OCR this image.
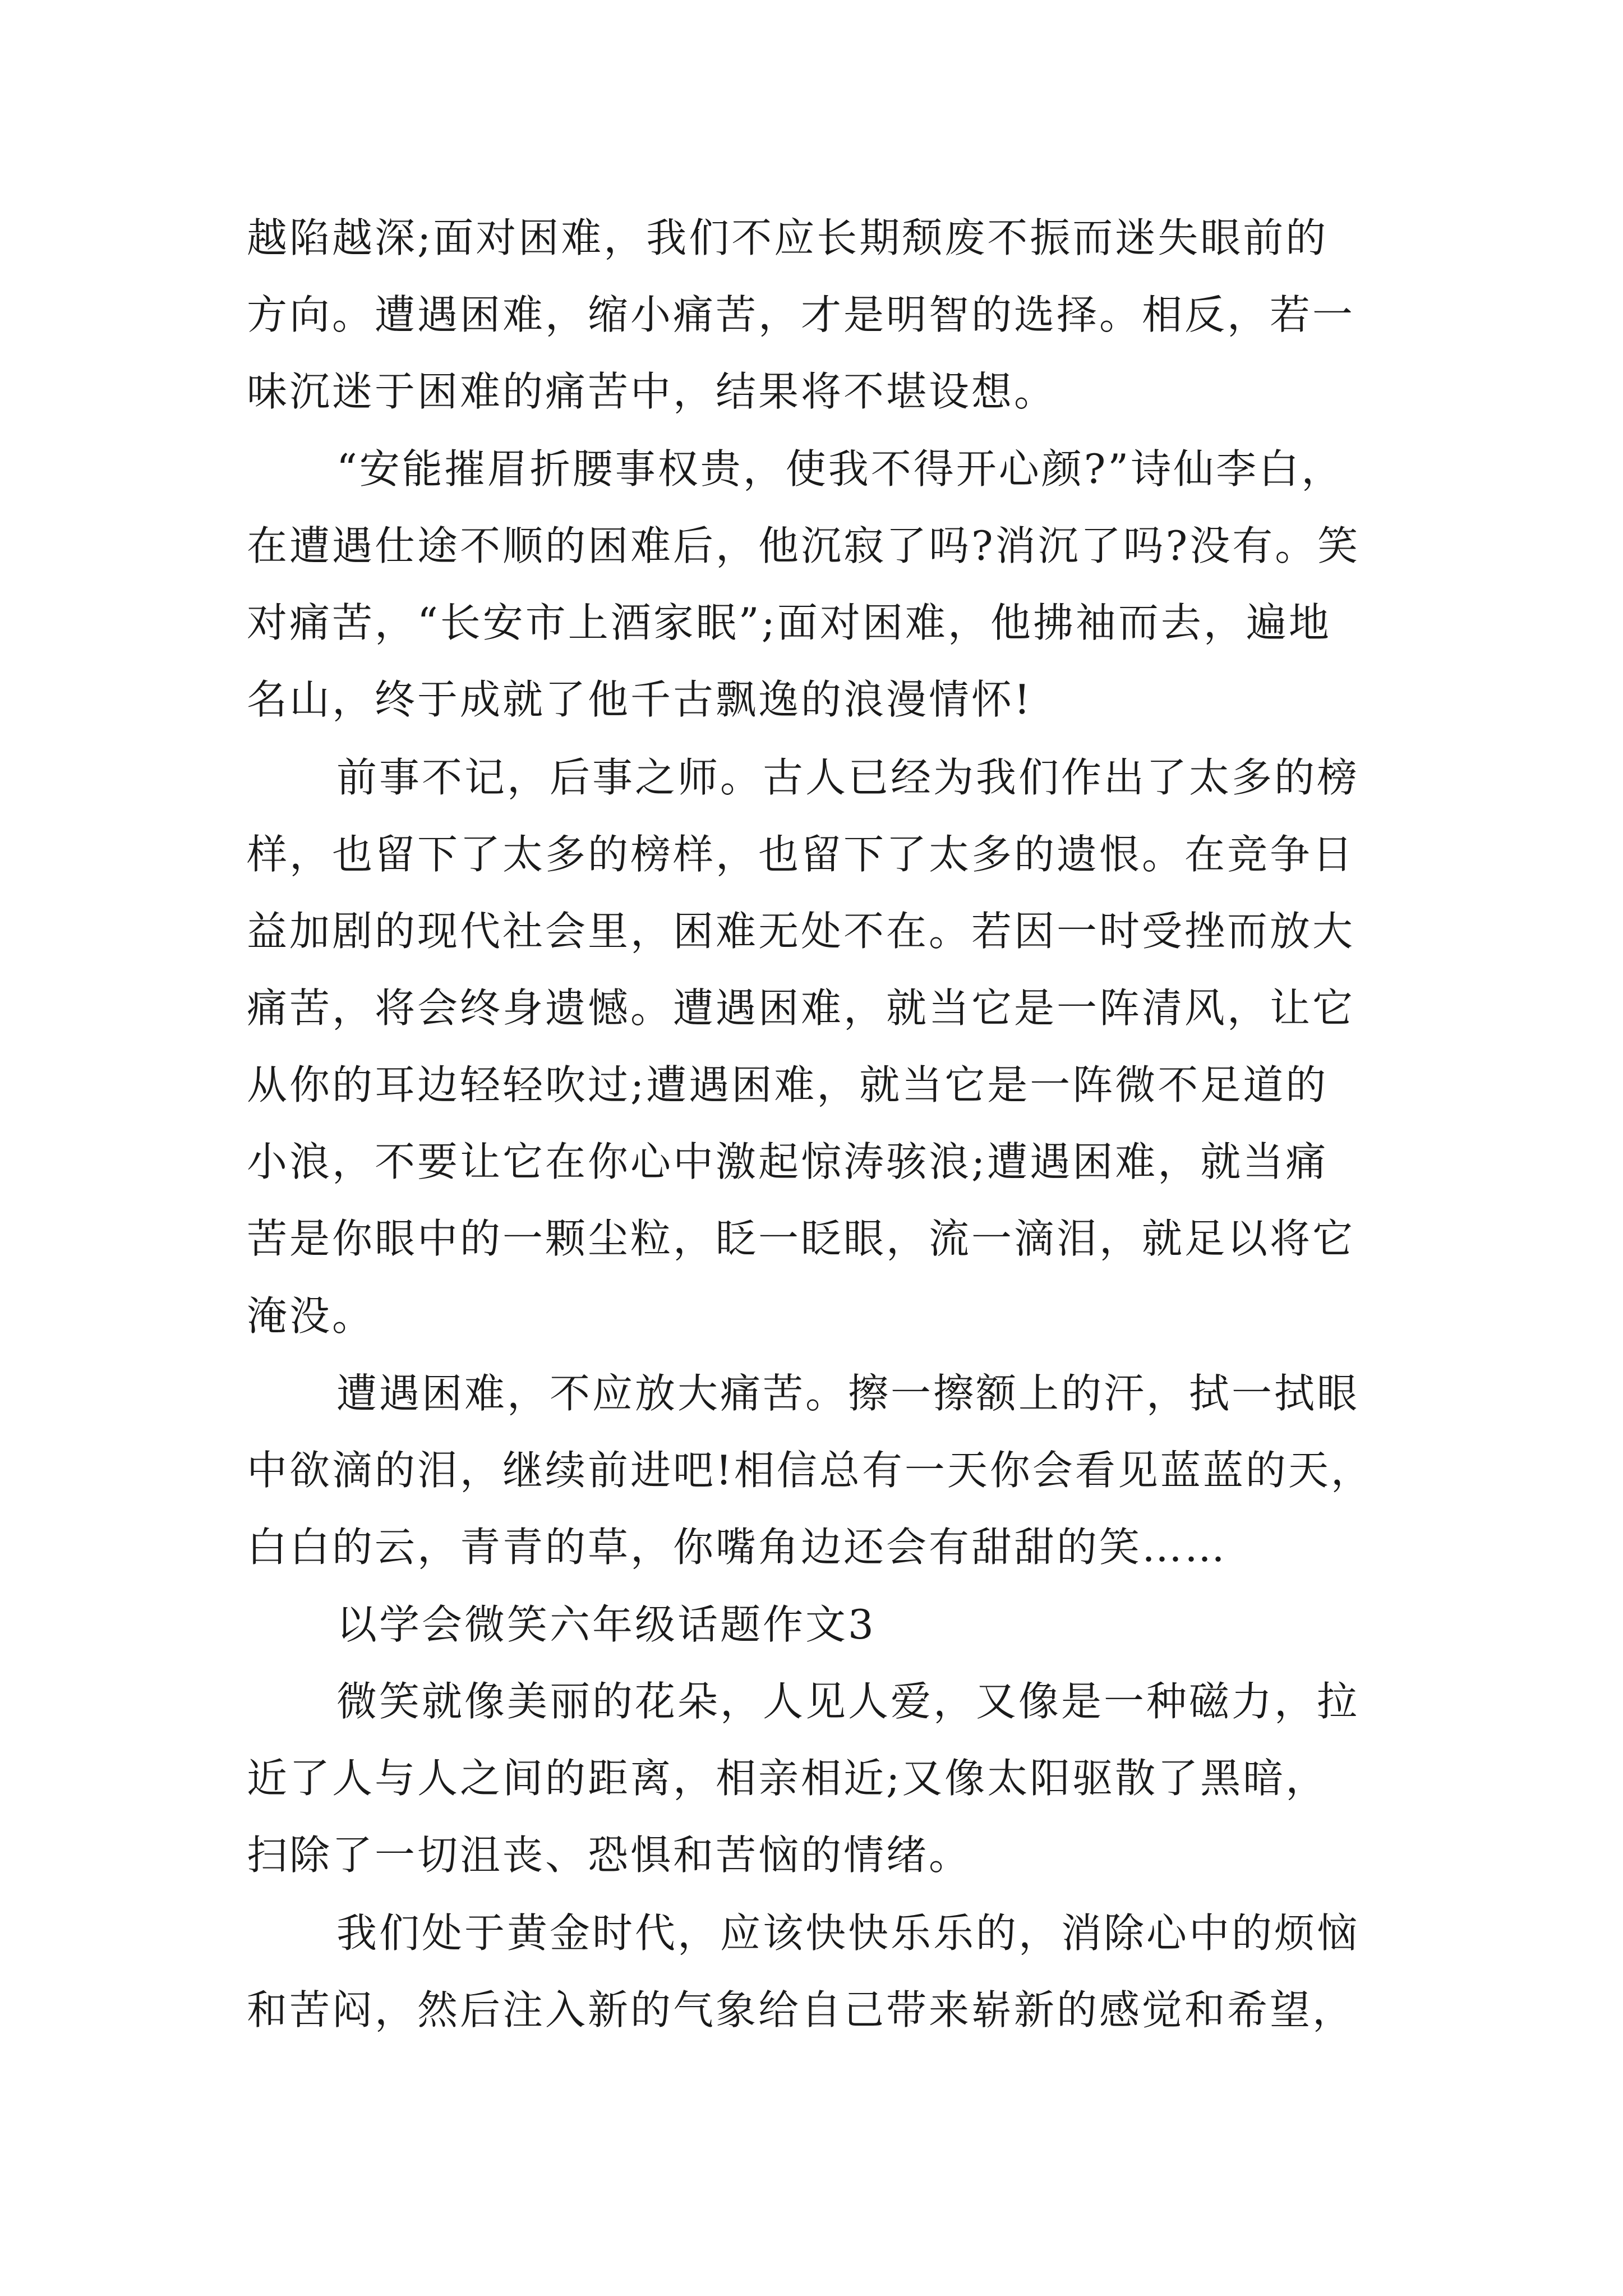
越陷越深;面对困难，我们不应长期颓废不振而迷失眼前的
方向。遭遇困难，缩小痛苦，才是明智的选择。相反，若一
味沉迷于困难的痛苦中，结果将不堪设想。
“安能摧眉折腰事权贵，使我不得开心颜?”诗仙李白，
在遭遇仕途不顺的困难后，他沉寂了吗?消沉了吗?没有。笑
对痛苦，“长安市上酒家眠”;面对困难，他拂袖而去，遍地
名山，终于成就了他千古飘逸的浪漫情怀!
前事不记，后事之师。古人已经为我们作出了太多的榜
样，也留下了太多的榜样，也留下了太多的遗恨。在竞争日
益加剧的现代社会里，困难无处不在。若因一时受挫而放大
痛苦，将会终身遗憾。遭遇困难，就当它是一阵清风，让它
从你的耳边轻轻吹过;遭遇困难，就当它是一阵微不足道的
小浪，不要让它在你心中激起惊涛骇浪;遭遇困难，就当痛
苦是你眼中的一颗尘粒，眨一眨眼，流一滴泪，就足以将它
淹没。
遭遇困难，不应放大痛苦。擦一擦额上的汗，拭一拭眼
中欲滴的泪，继续前进吧!相信总有一天你会看见蓝蓝的天，
白白的云，青青的草，你嘴角边还会有甜甜的笑……
以学会微笑六年级话题作文3
微笑就像美丽的花朵，人见人爱，又像是一种磁力，拉
近了人与人之间的距离，相亲相近;又像太阳驱散了黑暗，
扫除了一切沮丧、恐惧和苦恼的情绪。
我们处于黄金时代，应该快快乐乐的，消除心中的烦恼
和苦闷，然后注入新的气象给自己带来崭新的感觉和希望，
